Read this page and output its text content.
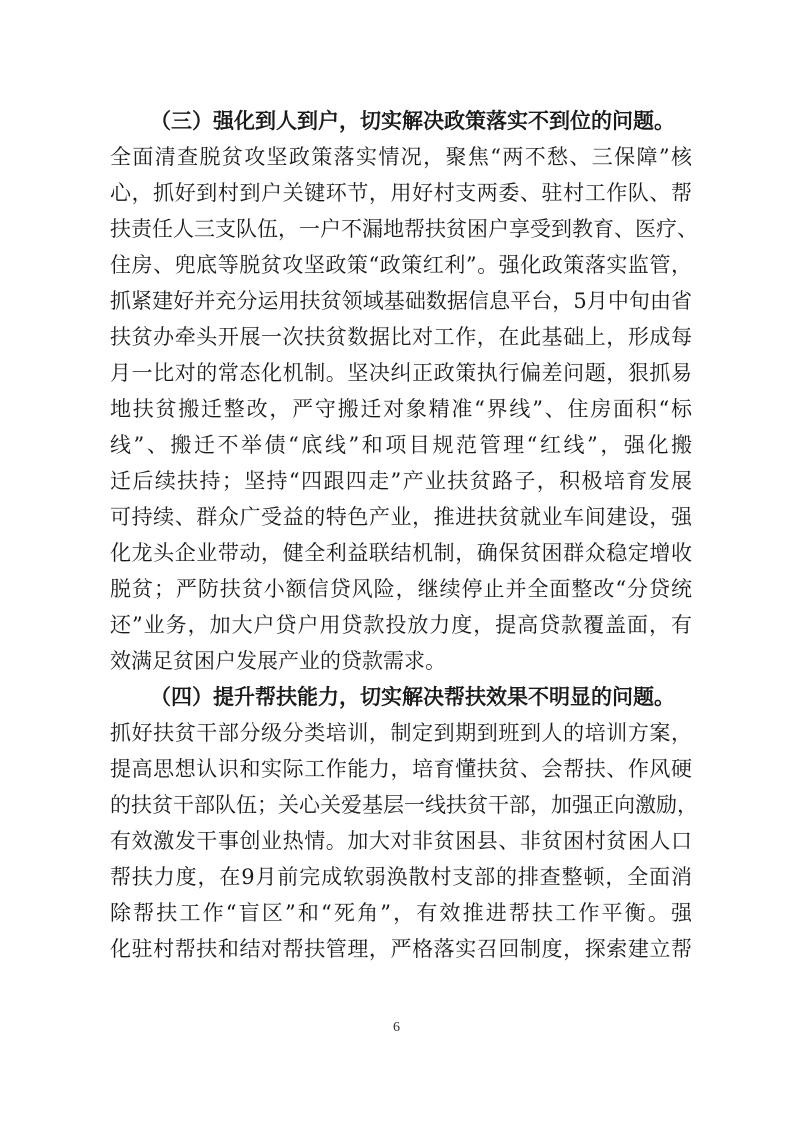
（三）强化到人到户，切实解决政策落实不到位的问题。
全面清查脱贫攻坚政策落实情况，聚焦“两不愁、三保障”核
心，抓好到村到户关键环节，用好村支两委、驻村工作队、帮
扶责任人三支队伍，一户不漏地帮扶贫困户享受到教育、医疗、
住房、兜底等脱贫攻坚政策“政策红利”。强化政策落实监管，
抓紧建好并充分运用扶贫领域基础数据信息平台，5月中旬由省
扶贫办牵头开展一次扶贫数据比对工作，在此基础上，形成每
月一比对的常态化机制。坚决纠正政策执行偏差问题，狠抓易
地扶贫搬迁整改，严守搬迁对象精准“界线”、住房面积“标
线”、搬迁不举债“底线”和项目规范管理“红线”，强化搬
迁后续扶持；坚持“四跟四走”产业扶贫路子，积极培育发展
可持续、群众广受益的特色产业，推进扶贫就业车间建设，强
化龙头企业带动，健全利益联结机制，确保贫困群众稳定增收
脱贫；严防扶贫小额信贷风险，继续停止并全面整改“分贷统
还”业务，加大户贷户用贷款投放力度，提高贷款覆盖面，有
效满足贫困户发展产业的贷款需求。
（四）提升帮扶能力，切实解决帮扶效果不明显的问题。
抓好扶贫干部分级分类培训，制定到期到班到人的培训方案，
提高思想认识和实际工作能力，培育懂扶贫、会帮扶、作风硬
的扶贫干部队伍；关心关爱基层一线扶贫干部，加强正向激励，
有效激发干事创业热情。加大对非贫困县、非贫困村贫困人口
帮扶力度，在9月前完成软弱涣散村支部的排查整顿，全面消
除帮扶工作“盲区”和“死角”，有效推进帮扶工作平衡。强
化驻村帮扶和结对帮扶管理，严格落实召回制度，探索建立帮
6
